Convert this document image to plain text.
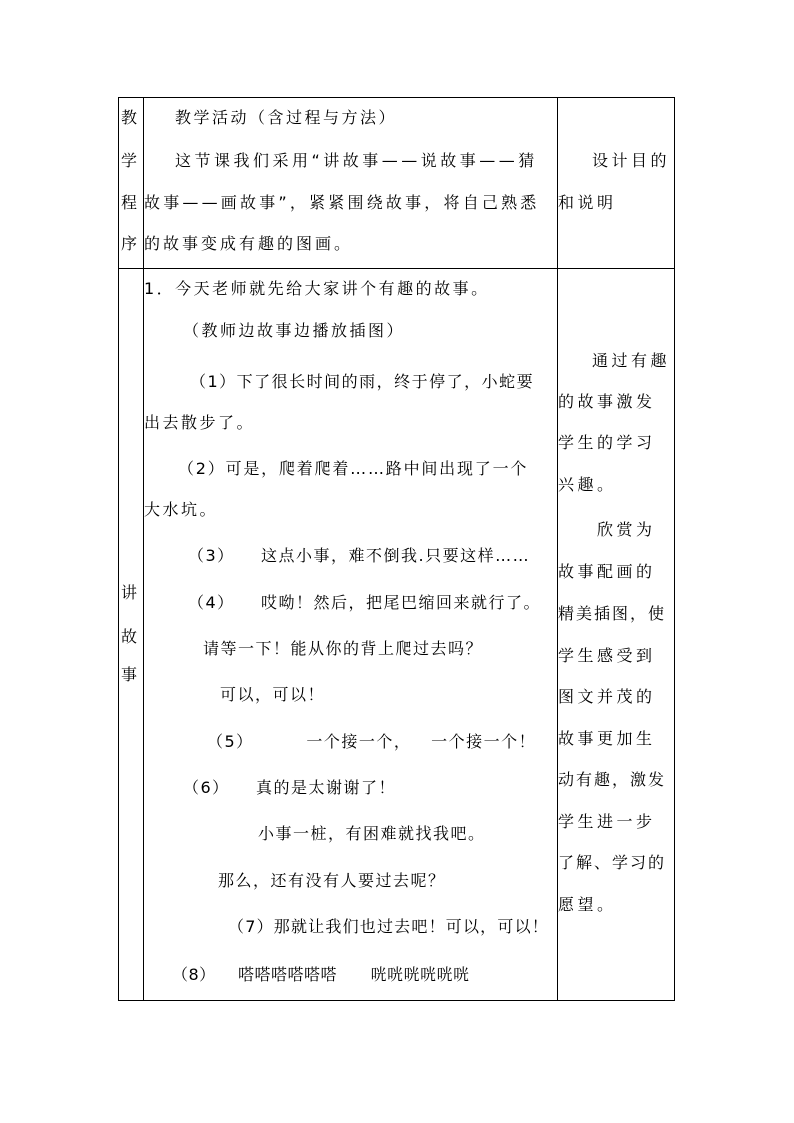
教
学
程
序
教学活动（含过程与方法）
这节课我们采用“讲故事——说故事——猜
故事——画故事”，紧紧围绕故事，将自己熟悉
的故事变成有趣的图画。
设计目的
和说明
讲
故
事
1．今天老师就先给大家讲个有趣的故事。
（教师边故事边播放插图）
（1）下了很长时间的雨，终于停了，小蛇要
出去散步了。
（2）可是，爬着爬着……路中间出现了一个
大水坑。
（3）    这点小事，难不倒我.只要这样……
（4）    哎呦！然后，把尾巴缩回来就行了。
请等一下！能从你的背上爬过去吗？
可以，可以！
（5）        一个接一个，   一个接一个！
（6）    真的是太谢谢了！
小事一桩，有困难就找我吧。
那么，还有没有人要过去呢？
（7）那就让我们也过去吧！可以，可以！
（8）    嗒嗒嗒嗒嗒嗒      咣咣咣咣咣咣
通过有趣
的故事激发
学生的学习
兴趣。
欣赏为
故事配画的
精美插图，使
学生感受到
图文并茂的
故事更加生
动有趣，激发
学生进一步
了解、学习的
愿望。
